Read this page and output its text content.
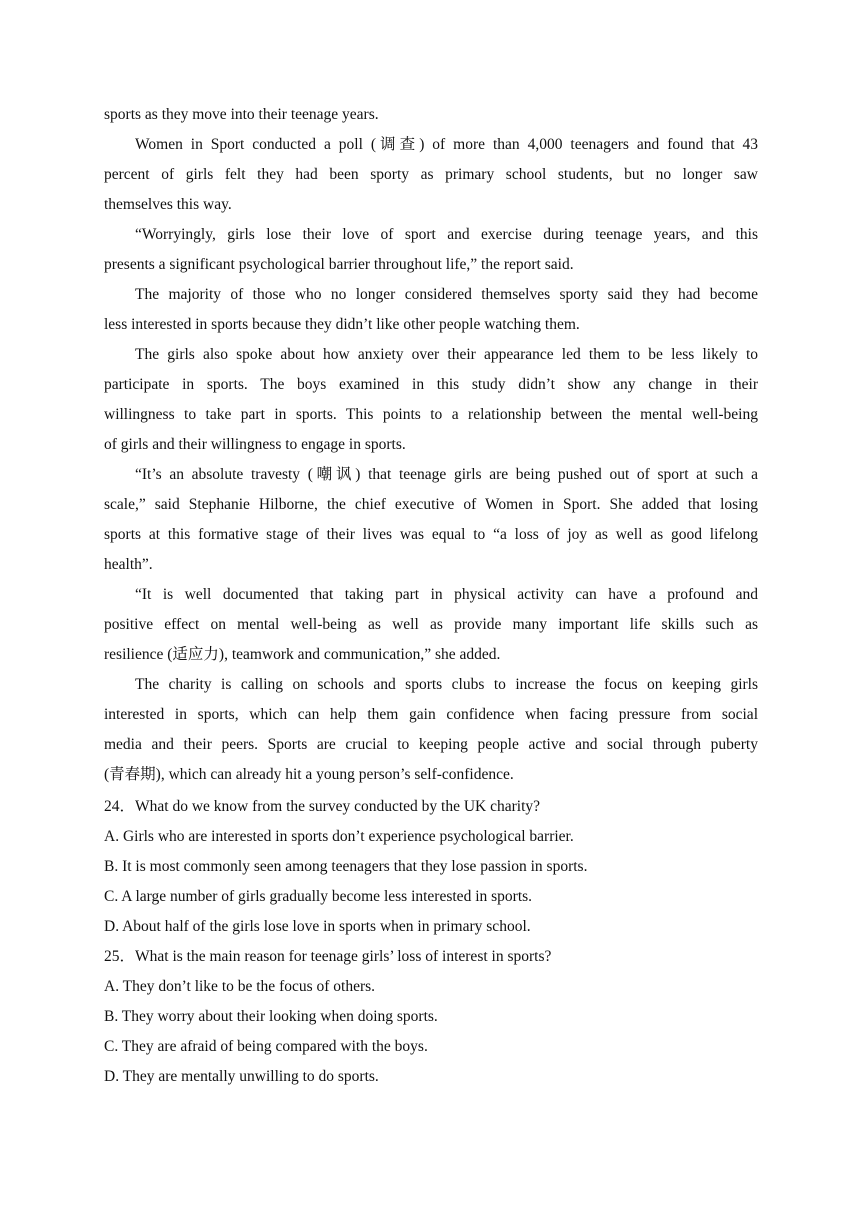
sports as they move into their teenage years.
Women in Sport conducted a poll (调查) of more than 4,000 teenagers and found that 43
percent of girls felt they had been sporty as primary school students, but no longer saw
themselves this way.
“Worryingly, girls lose their love of sport and exercise during teenage years, and this
presents a significant psychological barrier throughout life,” the report said.
The majority of those who no longer considered themselves sporty said they had become
less interested in sports because they didn’t like other people watching them.
The girls also spoke about how anxiety over their appearance led them to be less likely to
participate in sports. The boys examined in this study didn’t show any change in their
willingness to take part in sports. This points to a relationship between the mental well-being
of girls and their willingness to engage in sports.
“It’s an absolute travesty (嘲讽) that teenage girls are being pushed out of sport at such a
scale,” said Stephanie Hilborne, the chief executive of Women in Sport. She added that losing
sports at this formative stage of their lives was equal to “a loss of joy as well as good lifelong
health”.
“It is well documented that taking part in physical activity can have a profound and
positive effect on mental well-being as well as provide many important life skills such as
resilience (适应力), teamwork and communication,” she added.
The charity is calling on schools and sports clubs to increase the focus on keeping girls
interested in sports, which can help them gain confidence when facing pressure from social
media and their peers. Sports are crucial to keeping people active and social through puberty
(青春期), which can already hit a young person’s self-confidence.
24．What do we know from the survey conducted by the UK charity?
A. Girls who are interested in sports don’t experience psychological barrier.
B. It is most commonly seen among teenagers that they lose passion in sports.
C. A large number of girls gradually become less interested in sports.
D. About half of the girls lose love in sports when in primary school.
25．What is the main reason for teenage girls’ loss of interest in sports?
A. They don’t like to be the focus of others.
B. They worry about their looking when doing sports.
C. They are afraid of being compared with the boys.
D. They are mentally unwilling to do sports.
